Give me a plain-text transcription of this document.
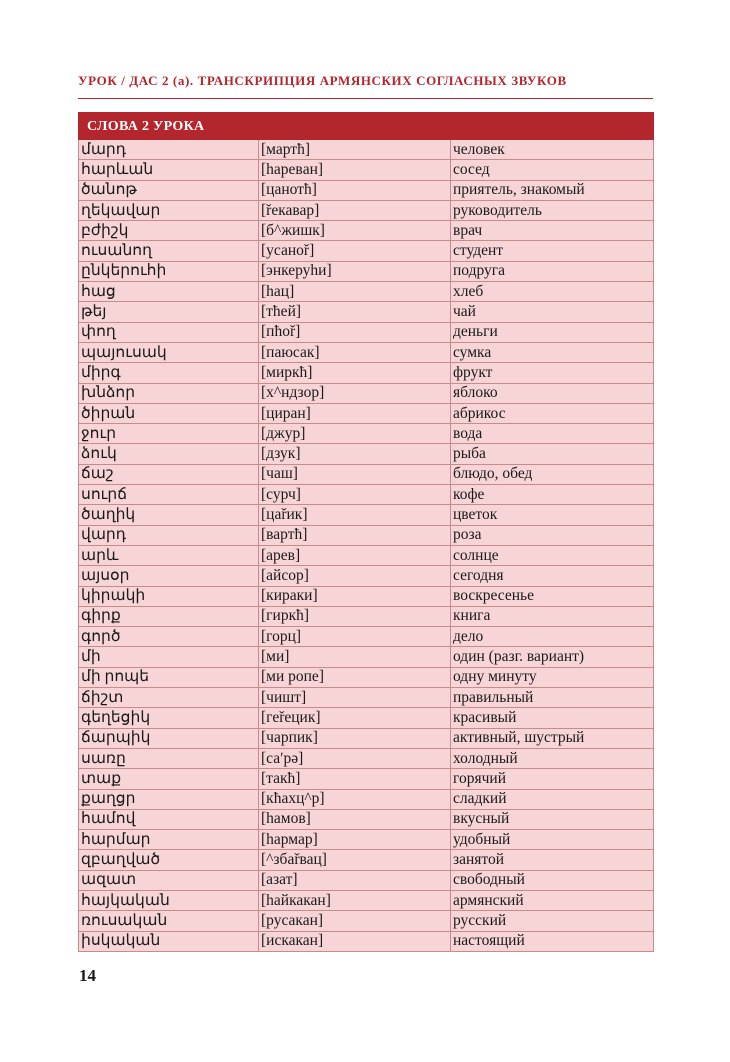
УРОК / ДАС 2 (а). ТРАНСКРИПЦИЯ АРМЯНСКИХ СОГЛАСНЫХ ЗВУКОВ
СЛОВА 2 УРОКА		
մարդ	[мартħ]	человек
հարևան	[hаревaн]	сосед
ծանոթ	[цанотħ]	приятель, знакомый
ղեկավար	[řекавар]	руководитель
բժիշկ	[б^жишк]	врач
ուսանող	[усаноř]	студент
ընկերուհի	[энкеруhи]	подруга
հաց	[hац]	хлеб
թեյ	[тħей]	чай
փող	[пħоř]	деньги
պայուսակ	[паюсак]	сумка
միրգ	[миркħ]	фрукт
խնձոր	[х^ндзор]	яблоко
ծիրան	[циран]	абрикос
ջուր	[джур]	вода
ձուկ	[дзук]	рыба
ճաշ	[чаш]	блюдо, обед
սուրճ	[сурч]	кофе
ծաղիկ	[цаřик]	цветок
վարդ	[вартħ]	роза
արև	[арев]	солнце
այսօր	[айсор]	сегодня
կիրակի	[кираки]	воскресенье
գիրք	[гиркħ]	книга
գործ	[горц]	дело
մի	[ми]	один (разг. вариант)
մի րոպե	[ми ропе]	одну минуту
ճիշտ	[чишт]	правильный
գեղեցիկ	[геřецик]	красивый
ճարպիկ	[чарпик]	активный, шустрый
սառը	[саʹрə]	холодный
տաք	[такħ]	горячий
քաղցր	[кħахц^р]	сладкий
համով	[hамов]	вкусный
հարմար	[hармар]	удобный
զբաղված	[^збаřвац]	занятой
ազատ	[азат]	свободный
հայկական	[hайкакан]	армянский
ռուսական	[русакан]	русский
իսկական	[искакан]	настоящий
14
